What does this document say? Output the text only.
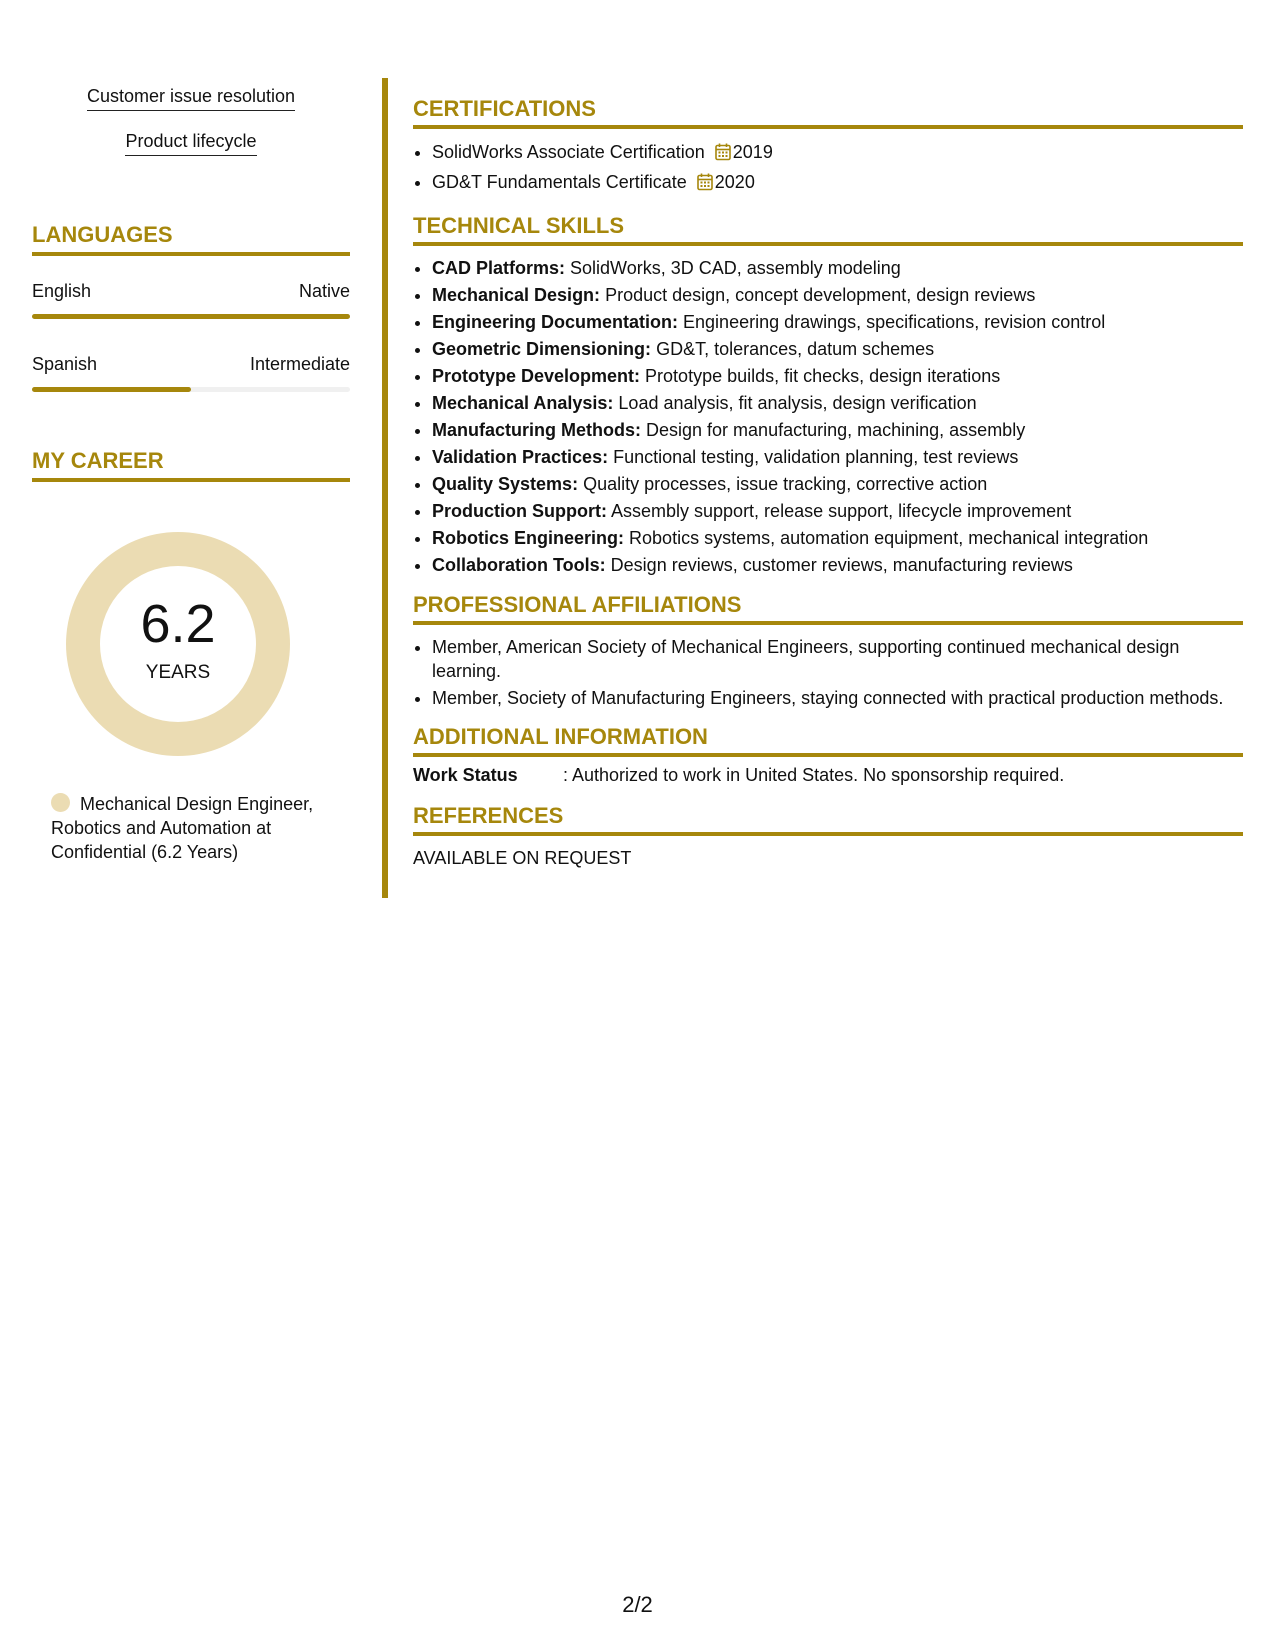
Customer issue resolution
Product lifecycle
LANGUAGES
English	Native
Spanish	Intermediate
MY CAREER
6.2
YEARS
Mechanical Design Engineer, Robotics and Automation at Confidential (6.2 Years)
CERTIFICATIONS
• SolidWorks Associate Certification 2019
• GD&T Fundamentals Certificate 2020
TECHNICAL SKILLS
• CAD Platforms: SolidWorks, 3D CAD, assembly modeling
• Mechanical Design: Product design, concept development, design reviews
• Engineering Documentation: Engineering drawings, specifications, revision control
• Geometric Dimensioning: GD&T, tolerances, datum schemes
• Prototype Development: Prototype builds, fit checks, design iterations
• Mechanical Analysis: Load analysis, fit analysis, design verification
• Manufacturing Methods: Design for manufacturing, machining, assembly
• Validation Practices: Functional testing, validation planning, test reviews
• Quality Systems: Quality processes, issue tracking, corrective action
• Production Support: Assembly support, release support, lifecycle improvement
• Robotics Engineering: Robotics systems, automation equipment, mechanical integration
• Collaboration Tools: Design reviews, customer reviews, manufacturing reviews
PROFESSIONAL AFFILIATIONS
• Member, American Society of Mechanical Engineers, supporting continued mechanical design learning.
• Member, Society of Manufacturing Engineers, staying connected with practical production methods.
ADDITIONAL INFORMATION
Work Status	: Authorized to work in United States. No sponsorship required.
REFERENCES
AVAILABLE ON REQUEST
2/2
